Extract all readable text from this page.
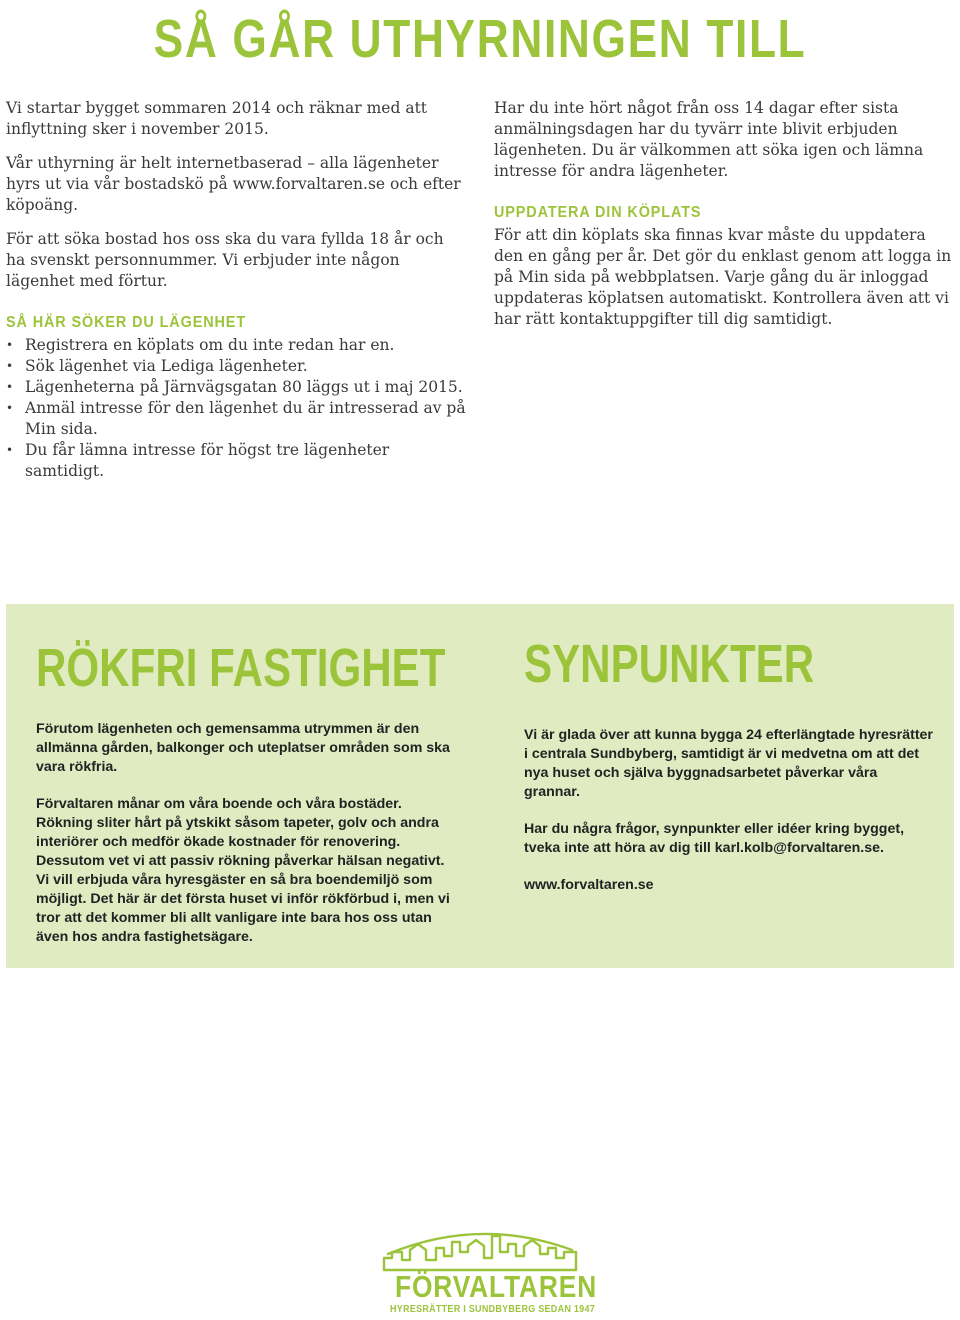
SÅ GÅR UTHYRNINGEN TILL

Vi startar bygget sommaren 2014 och räknar med att inflyttning sker i november 2015.

Vår uthyrning är helt internetbaserad – alla lägenheter hyrs ut via vår bostadskö på www.forvaltaren.se och efter köpoäng.

För att söka bostad hos oss ska du vara fyllda 18 år och ha svenskt personnummer. Vi erbjuder inte någon lägenhet med förtur.

SÅ HÄR SÖKER DU LÄGENHET
• Registrera en köplats om du inte redan har en.
• Sök lägenhet via Lediga lägenheter.
• Lägenheterna på Järnvägsgatan 80 läggs ut i maj 2015.
• Anmäl intresse för den lägenhet du är intresserad av på Min sida.
• Du får lämna intresse för högst tre lägenheter samtidigt.

Har du inte hört något från oss 14 dagar efter sista anmälningsdagen har du tyvärr inte blivit erbjuden lägenheten. Du är välkommen att söka igen och lämna intresse för andra lägenheter.

UPPDATERA DIN KÖPLATS

För att din köplats ska finnas kvar måste du uppdatera den en gång per år. Det gör du enklast genom att logga in på Min sida på webbplatsen. Varje gång du är inloggad uppdateras köplatsen automatiskt. Kontrollera även att vi har rätt kontaktuppgifter till dig samtidigt.

RÖKFRI FASTIGHET

Förutom lägenheten och gemensamma utrymmen är den allmänna gården, balkonger och uteplatser områden som ska vara rökfria.

Förvaltaren månar om våra boende och våra bostäder. Rökning sliter hårt på ytskikt såsom tapeter, golv och andra interiörer och medför ökade kostnader för renovering. Dessutom vet vi att passiv rökning påverkar hälsan negativt. Vi vill erbjuda våra hyresgäster en så bra boendemiljö som möjligt. Det här är det första huset vi inför rökförbud i, men vi tror att det kommer bli allt vanligare inte bara hos oss utan även hos andra fastighetsägare.

SYNPUNKTER

Vi är glada över att kunna bygga 24 efterlängtade hyresrätter i centrala Sundbyberg, samtidigt är vi medvetna om att det nya huset och själva byggnadsarbetet påverkar våra grannar.

Har du några frågor, synpunkter eller idéer kring bygget, tveka inte att höra av dig till karl.kolb@forvaltaren.se.

www.forvaltaren.se

FÖRVALTAREN
HYRESRÄTTER I SUNDBYBERG SEDAN 1947
